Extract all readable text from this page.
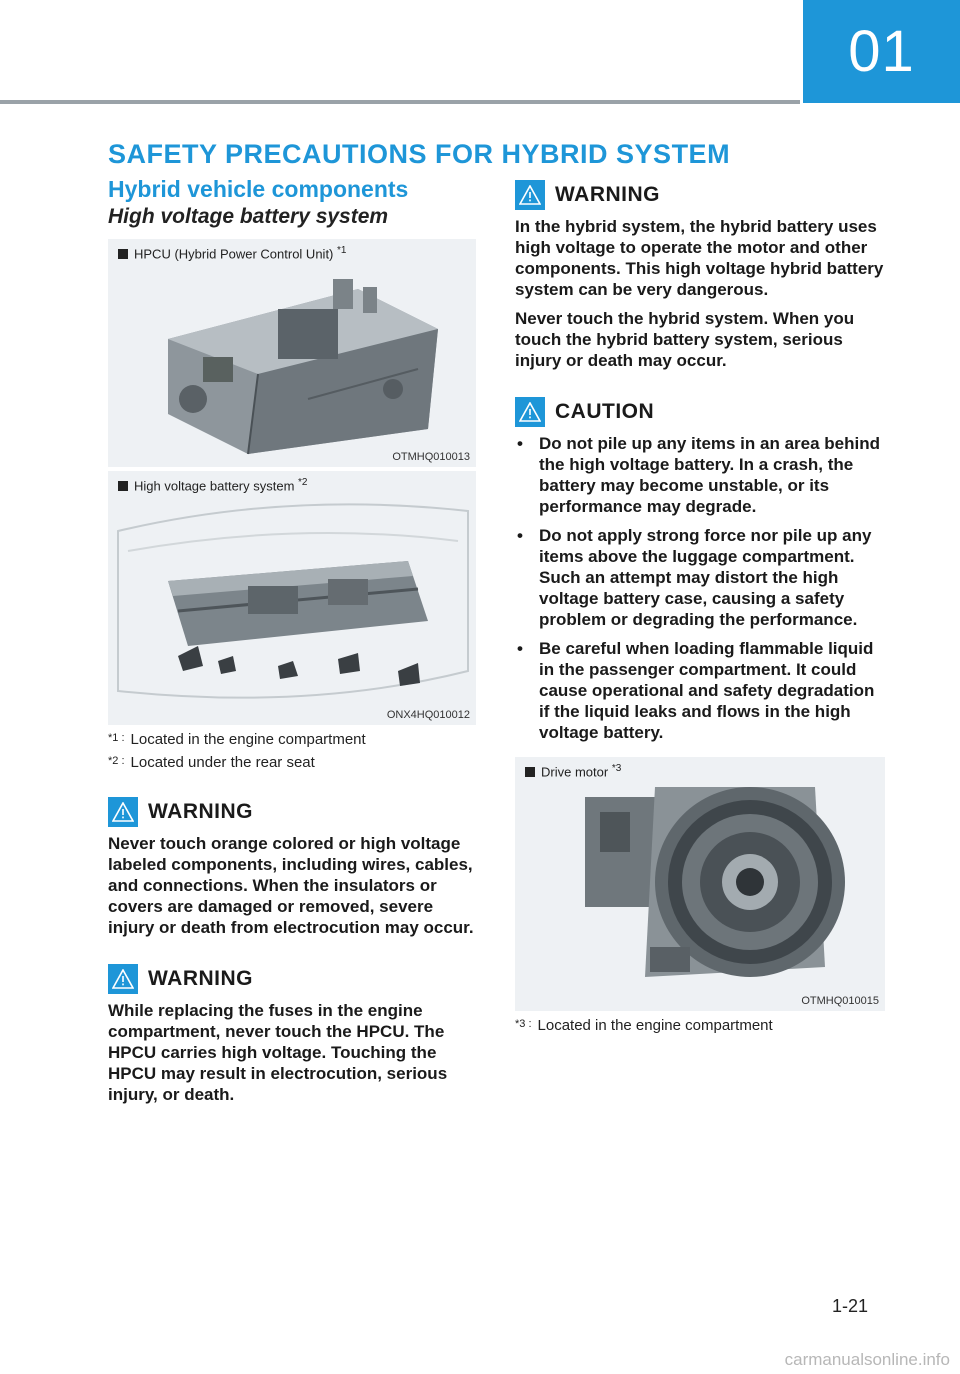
01
SAFETY PRECAUTIONS FOR HYBRID SYSTEM
Hybrid vehicle components
High voltage battery system
HPCU (Hybrid Power Control Unit) $^{*1}$
OTMHQ010013
High voltage battery system $^{*2}$
ONX4HQ010012
$^{*1 :}$ Located in the engine compartment
$^{*2 :}$ Located under the rear seat
WARNING

Never touch orange colored or high voltage labeled components, including wires, cables, and connections. When the insulators or covers are damaged or removed, severe injury or death from electrocution may occur.

WARNING

While replacing the fuses in the engine compartment, never touch the HPCU. The HPCU carries high voltage. Touching the HPCU may result in electrocution, serious injury, or death.

WARNING

In the hybrid system, the hybrid battery uses high voltage to operate the motor and other components. This high voltage hybrid battery system can be very dangerous.

Never touch the hybrid system. When you touch the hybrid battery system, serious injury or death may occur.

CAUTION
• Do not pile up any items in an area behind the high voltage battery. In a crash, the battery may become unstable, or its performance may degrade.
• Do not apply strong force nor pile up any items above the luggage compartment. Such an attempt may distort the high voltage battery case, causing a safety problem or degrading the performance.
• Be careful when loading flammable liquid in the passenger compartment. It could cause operational and safety degradation if the liquid leaks and flows in the high voltage battery.
Drive motor $^{*3}$
OTMHQ010015
$^{*3 :}$ Located in the engine compartment
1-21
carmanualsonline.info
